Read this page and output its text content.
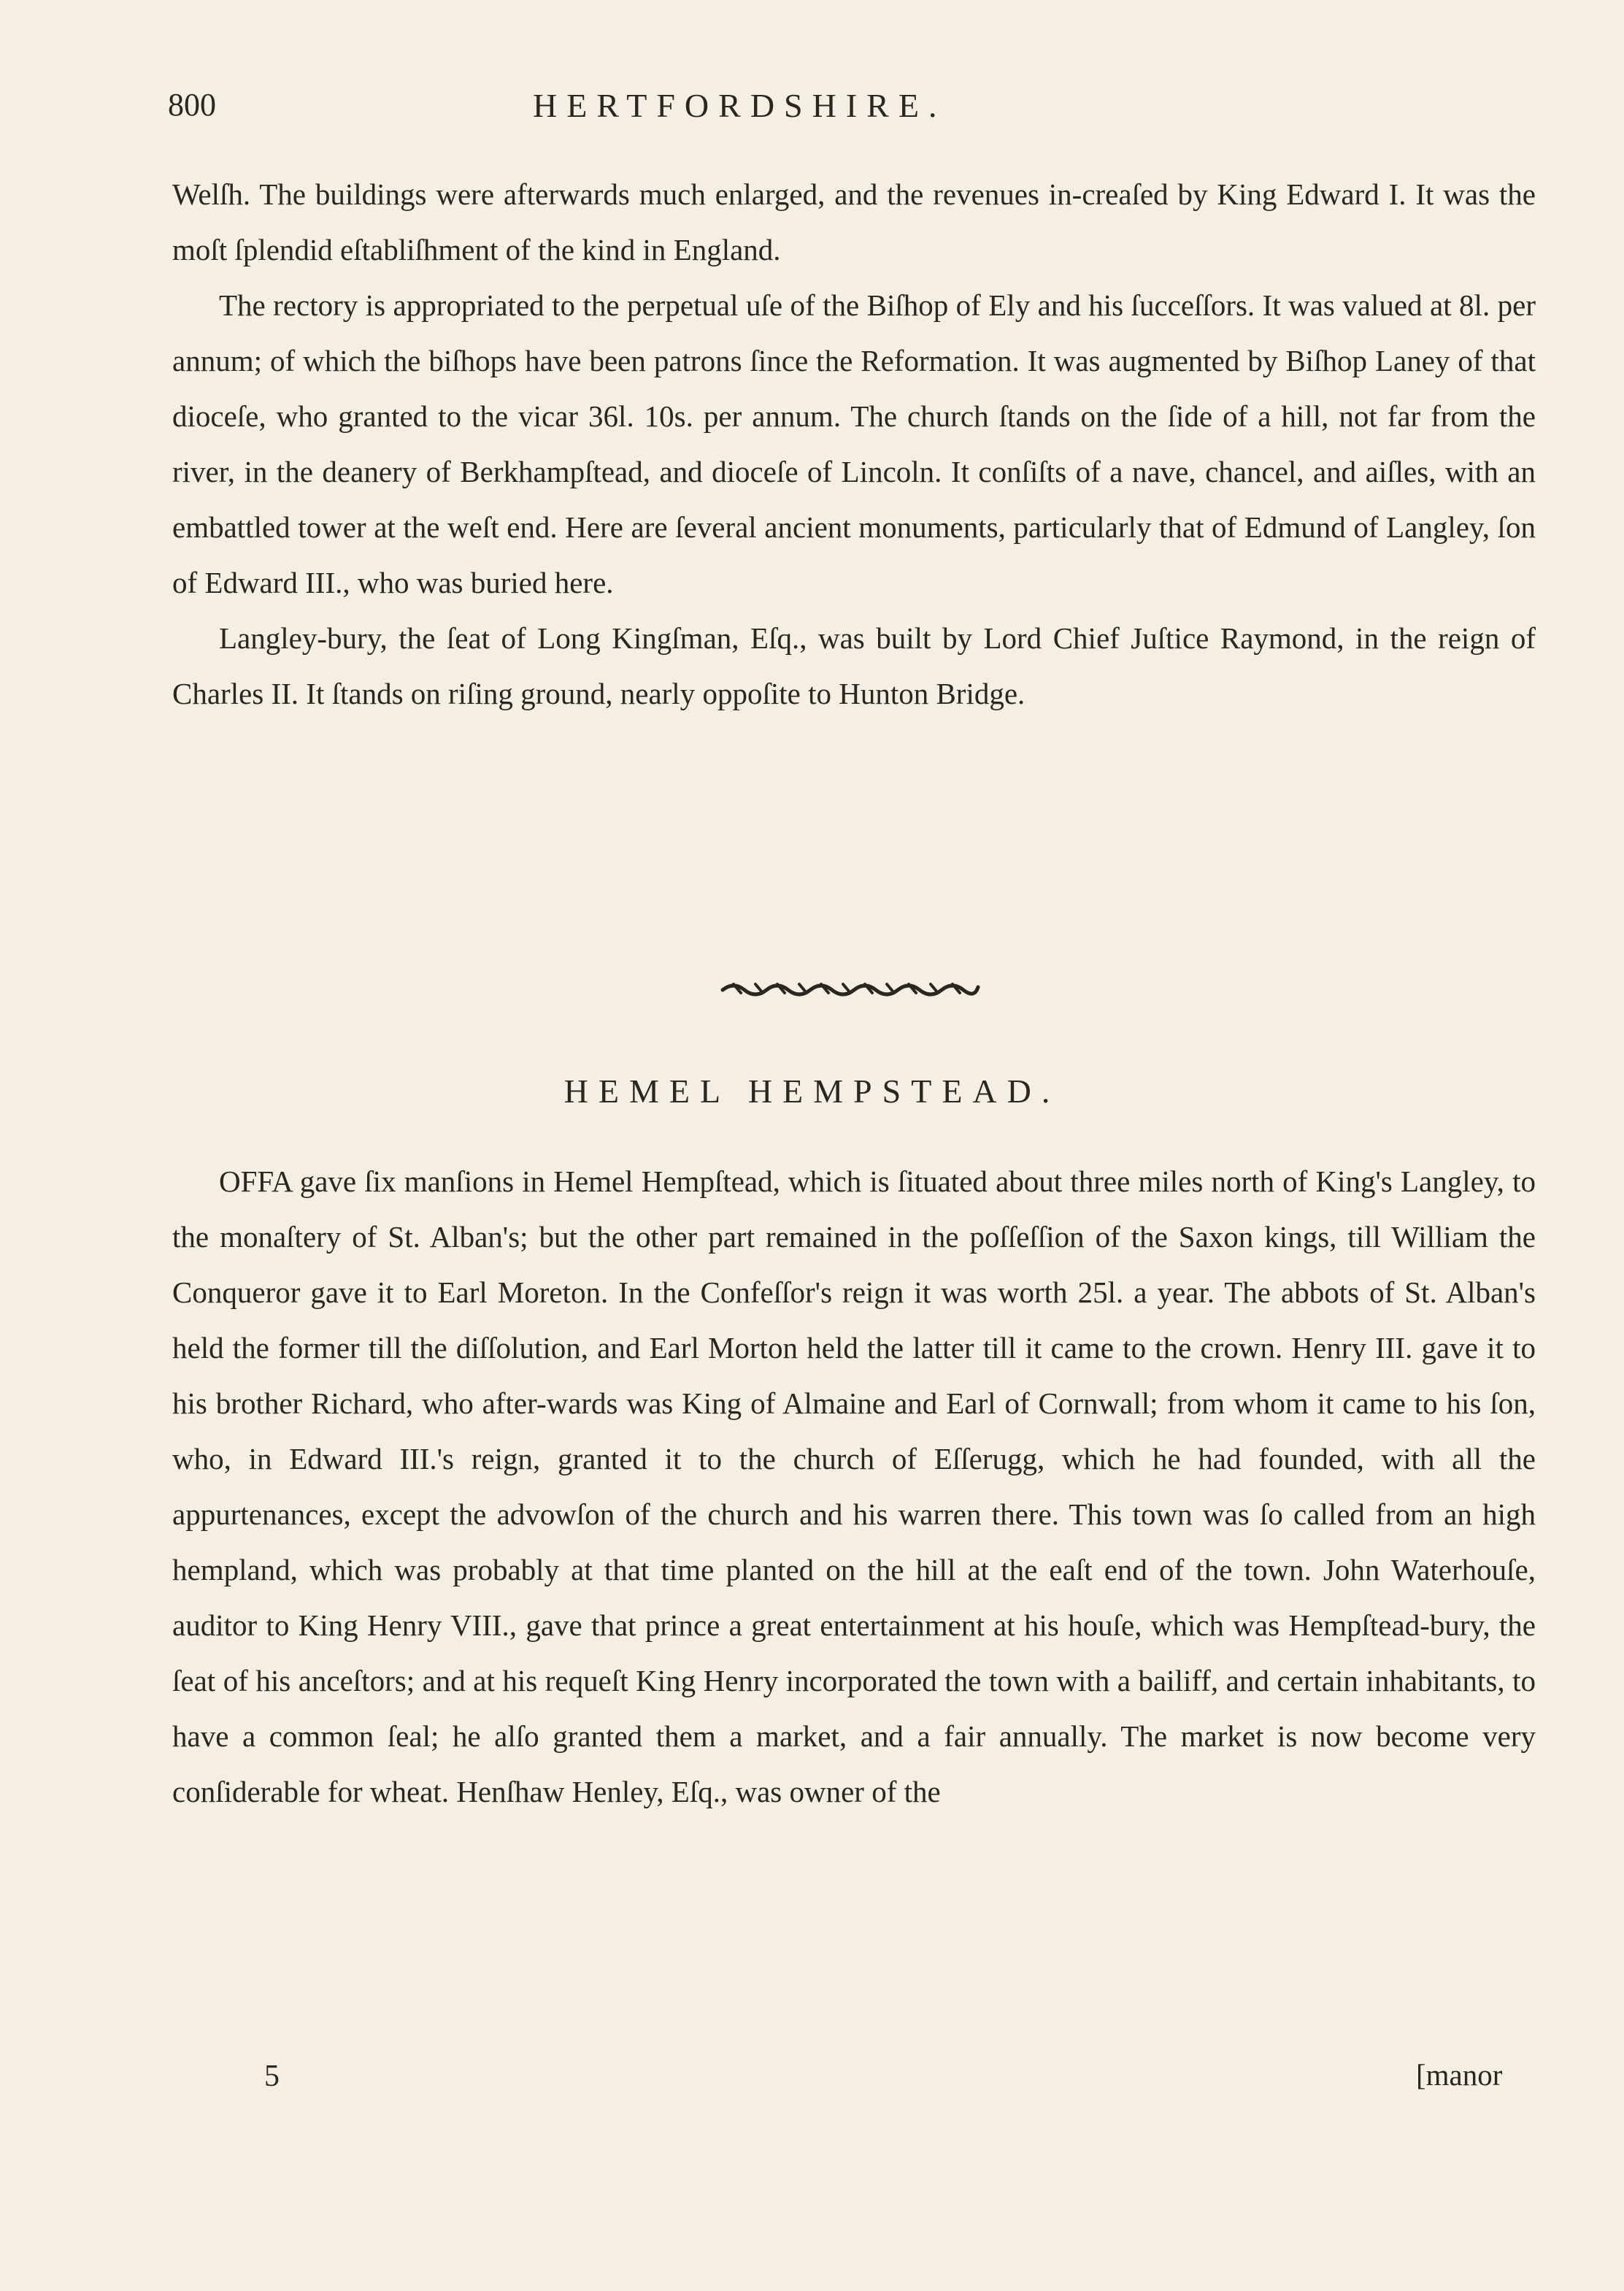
800	HERTFORDSHIRE.

Welſh. The buildings were afterwards much enlarged, and the revenues in-creaſed by King Edward I. It was the moſt ſplendid eſtabliſhment of the kind in England.

The rectory is appropriated to the perpetual uſe of the Biſhop of Ely and his ſucceſſors. It was valued at 8l. per annum; of which the biſhops have been patrons ſince the Reformation. It was augmented by Biſhop Laney of that dioceſe, who granted to the vicar 36l. 10s. per annum. The church ſtands on the ſide of a hill, not far from the river, in the deanery of Berkhampſtead, and dioceſe of Lincoln. It conſiſts of a nave, chancel, and aiſles, with an embattled tower at the weſt end. Here are ſeveral ancient monuments, particularly that of Edmund of Langley, ſon of Edward III., who was buried here.

Langley-bury, the ſeat of Long Kingſman, Eſq., was built by Lord Chief Juſtice Raymond, in the reign of Charles II. It ſtands on riſing ground, nearly oppoſite to Hunton Bridge.

HEMEL HEMPSTEAD.

OFFA gave ſix manſions in Hemel Hempſtead, which is ſituated about three miles north of King's Langley, to the monaſtery of St. Alban's; but the other part remained in the poſſeſſion of the Saxon kings, till William the Conqueror gave it to Earl Moreton. In the Confeſſor's reign it was worth 25l. a year. The abbots of St. Alban's held the former till the diſſolution, and Earl Morton held the latter till it came to the crown. Henry III. gave it to his brother Richard, who after-wards was King of Almaine and Earl of Cornwall; from whom it came to his ſon, who, in Edward III.'s reign, granted it to the church of Eſſerugg, which he had founded, with all the appurtenances, except the advowſon of the church and his warren there. This town was ſo called from an high hempland, which was probably at that time planted on the hill at the eaſt end of the town. John Waterhouſe, auditor to King Henry VIII., gave that prince a great entertainment at his houſe, which was Hempſtead-bury, the ſeat of his anceſtors; and at his requeſt King Henry incorporated the town with a bailiff, and certain inhabitants, to have a common ſeal; he alſo granted them a market, and a fair annually. The market is now become very conſiderable for wheat. Henſhaw Henley, Eſq., was owner of the

5	[manor
